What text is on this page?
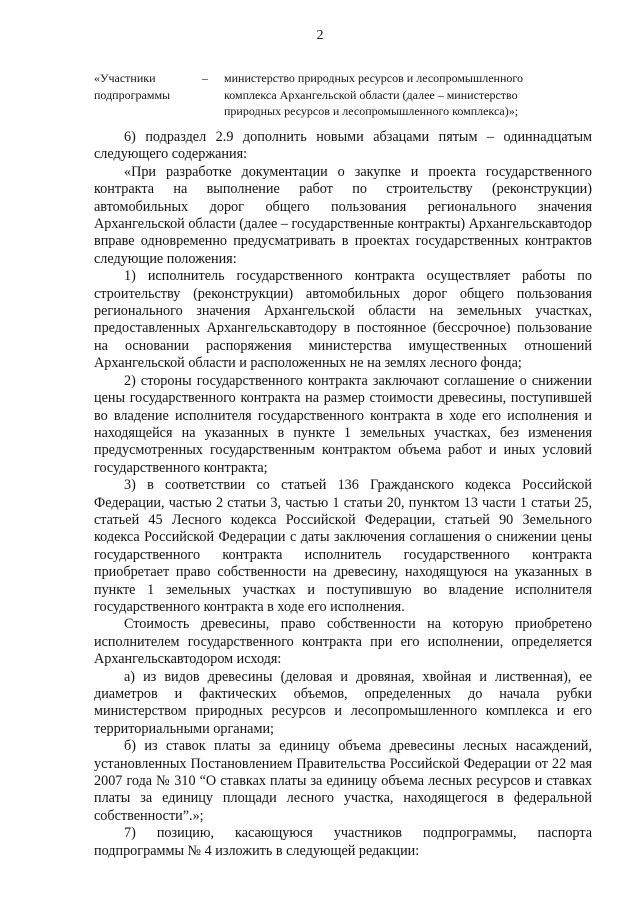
2
«Участники подпрограммы
–	министерство природных ресурсов и лесопромышленного комплекса Архангельской области (далее – министерство природных ресурсов и лесопромышленного комплекса)»;

6) подраздел 2.9 дополнить новыми абзацами пятым – одиннадцатым следующего содержания:

«При разработке документации о закупке и проекта государственного контракта на выполнение работ по строительству (реконструкции) автомобильных дорог общего пользования регионального значения Архангельской области (далее – государственные контракты) Архангельскавтодор вправе одновременно предусматривать в проектах государственных контрактов следующие положения:

1) исполнитель государственного контракта осуществляет работы по строительству (реконструкции) автомобильных дорог общего пользования регионального значения Архангельской области на земельных участках, предоставленных Архангельскавтодору в постоянное (бессрочное) пользование на основании распоряжения министерства имущественных отношений Архангельской области и расположенных не на землях лесного фонда;

2) стороны государственного контракта заключают соглашение о снижении цены государственного контракта на размер стоимости древесины, поступившей во владение исполнителя государственного контракта в ходе его исполнения и находящейся на указанных в пункте 1 земельных участках, без изменения предусмотренных государственным контрактом объема работ и иных условий государственного контракта;

3) в соответствии со статьей 136 Гражданского кодекса Российской Федерации, частью 2 статьи 3, частью 1 статьи 20, пунктом 13 части 1 статьи 25, статьей 45 Лесного кодекса Российской Федерации, статьей 90 Земельного кодекса Российской Федерации с даты заключения соглашения о снижении цены государственного контракта исполнитель государственного контракта приобретает право собственности на древесину, находящуюся на указанных в пункте 1 земельных участках и поступившую во владение исполнителя государственного контракта в ходе его исполнения.

Стоимость древесины, право собственности на которую приобретено исполнителем государственного контракта при его исполнении, определяется Архангельскавтодором исходя:

а) из видов древесины (деловая и дровяная, хвойная и лиственная), ее диаметров и фактических объемов, определенных до начала рубки министерством природных ресурсов и лесопромышленного комплекса и его территориальными органами;

б) из ставок платы за единицу объема древесины лесных насаждений, установленных Постановлением Правительства Российской Федерации от 22 мая 2007 года № 310 “О ставках платы за единицу объема лесных ресурсов и ставках платы за единицу площади лесного участка, находящегося в федеральной собственности”.»;

7) позицию, касающуюся участников подпрограммы, паспорта подпрограммы № 4 изложить в следующей редакции:
